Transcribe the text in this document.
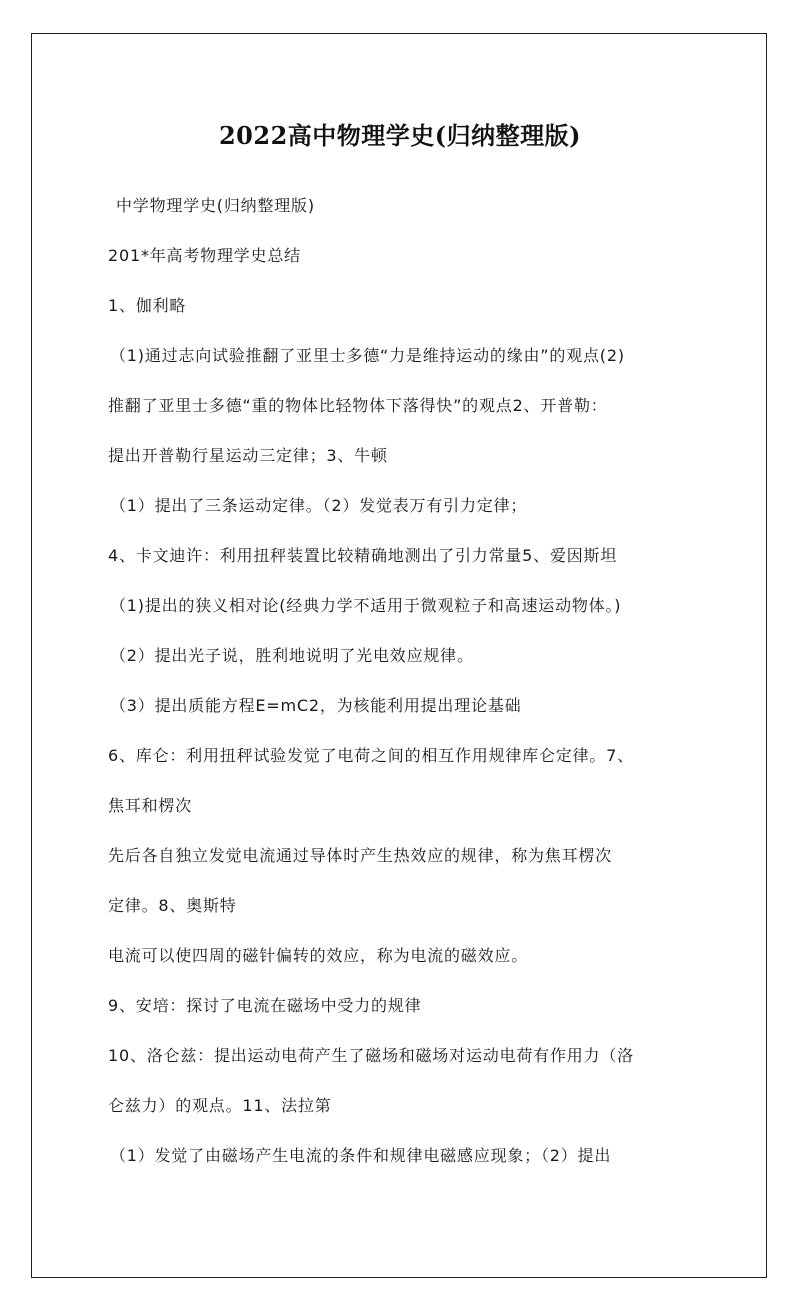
2022高中物理学史(归纳整理版)

中学物理学史(归纳整理版)

201*年高考物理学史总结

1、伽利略

（1)通过志向试验推翻了亚里士多德“力是维持运动的缘由”的观点(2)

推翻了亚里士多德“重的物体比轻物体下落得快”的观点2、开普勒：

提出开普勒行星运动三定律；3、牛顿

（1）提出了三条运动定律。（2）发觉表万有引力定律；

4、卡文迪许：利用扭秤装置比较精确地测出了引力常量5、爱因斯坦

（1)提出的狭义相对论(经典力学不适用于微观粒子和高速运动物体。)

（2）提出光子说，胜利地说明了光电效应规律。

（3）提出质能方程E=mC2，为核能利用提出理论基础

6、库仑：利用扭秤试验发觉了电荷之间的相互作用规律库仑定律。7、

焦耳和楞次

先后各自独立发觉电流通过导体时产生热效应的规律，称为焦耳楞次

定律。8、奥斯特

电流可以使四周的磁针偏转的效应，称为电流的磁效应。

9、安培：探讨了电流在磁场中受力的规律

10、洛仑兹：提出运动电荷产生了磁场和磁场对运动电荷有作用力（洛

仑兹力）的观点。11、法拉第

（1）发觉了由磁场产生电流的条件和规律电磁感应现象；（2）提出
